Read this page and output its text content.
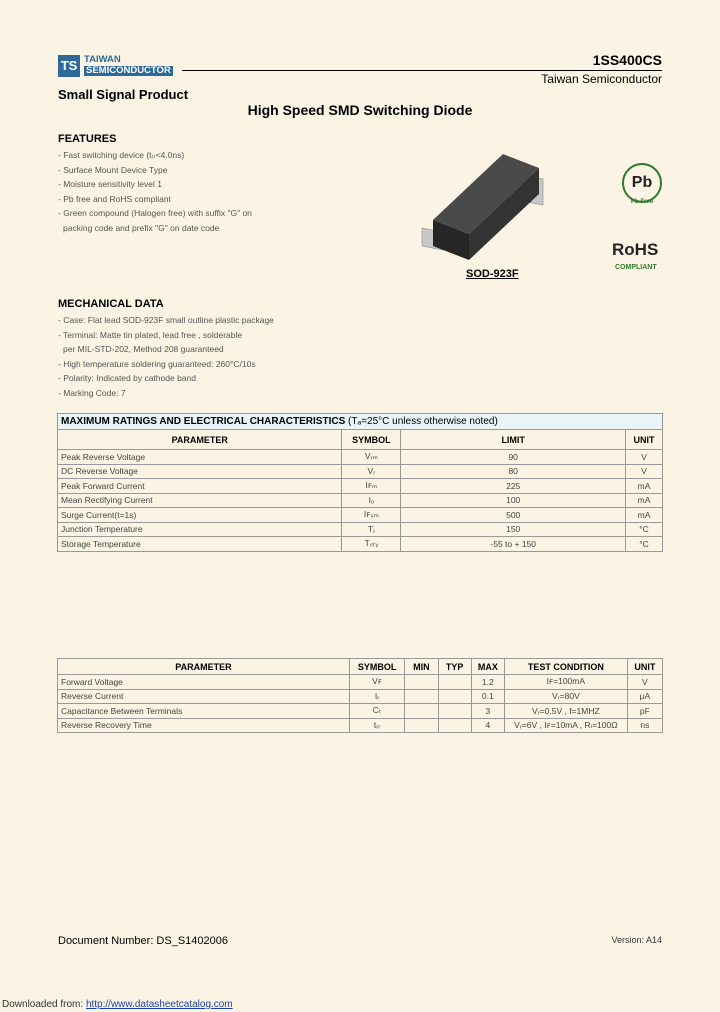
TS TAIWAN
SEMICONDUCTOR
1SS400CS
Taiwan Semiconductor
Small Signal Product
High Speed SMD Switching Diode
FEATURES
- Fast switching device (tᵣᵣ<4.0ns)
- Surface Mount Device Type
- Moisture sensitivity level 1
- Pb free and RoHS compliant
- Green compound (Halogen free) with suffix "G" on
packing code and prefix "G" on date code
SOD-923F
Pb
Pb-Free
RoHS
COMPLIANT
MECHANICAL DATA
- Case: Flat lead SOD-923F small outline plastic package
- Terminal: Matte tin plated, lead free , solderable
per MIL-STD-202, Method 208 guaranteed
- High temperature soldering guaranteed: 260°C/10s
- Polarity: Indicated by cathode band
- Marking Code: 7
MAXIMUM RATINGS AND ELECTRICAL CHARACTERISTICS (Tₐ=25°C unless otherwise noted)			
PARAMETER	SYMBOL	LIMIT	UNIT
Peak Reverse Voltage	Vᵣₘ	90	V
DC Reverse Voltage	Vᵣ	80	V
Peak Forward Current	Iꜰₘ	225	mA
Mean Rectifying Current	Iₒ	100	mA
Surge Current(t=1s)	Iꜰₛₘ	500	mA
Junction Temperature	Tⱼ	150	°C
Storage Temperature	Tₛₜᵧ	-55 to + 150	°C
PARAMETER	SYMBOL	MIN	TYP	MAX	TEST CONDITION	UNIT
Forward Voltage	Vꜰ			1.2	Iꜰ=100mA	V
Reverse Current	Iᵣ			0.1	Vᵣ=80V	μA
Capacitance Between Terminals	Cₜ			3	Vᵣ=0.5V , f=1MHZ	pF
Reverse Recovery Time	tᵣᵣ			4	Vᵣ=6V , Iꜰ=10mA , Rₗ=100Ω	ns
Document Number: DS_S1402006	Version: A14
Downloaded from: http://www.datasheetcatalog.com
